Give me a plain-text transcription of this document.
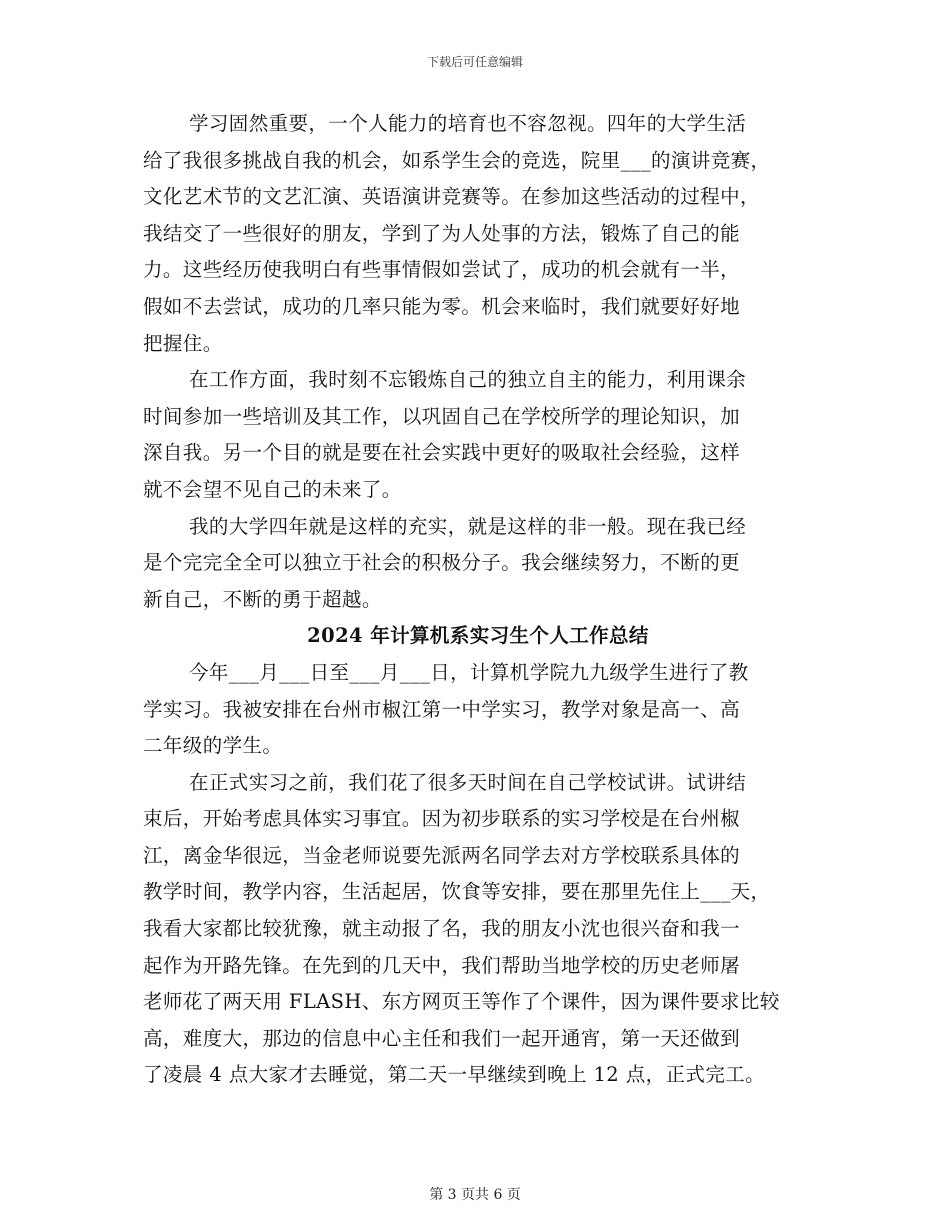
下载后可任意编辑
学习固然重要，一个人能力的培育也不容忽视。四年的大学生活
给了我很多挑战自我的机会，如系学生会的竞选，院里___的演讲竞赛，
文化艺术节的文艺汇演、英语演讲竞赛等。在参加这些活动的过程中，
我结交了一些很好的朋友，学到了为人处事的方法，锻炼了自己的能
力。这些经历使我明白有些事情假如尝试了，成功的机会就有一半，
假如不去尝试，成功的几率只能为零。机会来临时，我们就要好好地
把握住。
在工作方面，我时刻不忘锻炼自己的独立自主的能力，利用课余
时间参加一些培训及其工作，以巩固自己在学校所学的理论知识，加
深自我。另一个目的就是要在社会实践中更好的吸取社会经验，这样
就不会望不见自己的未来了。
我的大学四年就是这样的充实，就是这样的非一般。现在我已经
是个完完全全可以独立于社会的积极分子。我会继续努力，不断的更
新自己，不断的勇于超越。
2024 年计算机系实习生个人工作总结
今年___月___日至___月___日，计算机学院九九级学生进行了教
学实习。我被安排在台州市椒江第一中学实习，教学对象是高一、高
二年级的学生。
在正式实习之前，我们花了很多天时间在自己学校试讲。试讲结
束后，开始考虑具体实习事宜。因为初步联系的实习学校是在台州椒
江，离金华很远，当金老师说要先派两名同学去对方学校联系具体的
教学时间，教学内容，生活起居，饮食等安排，要在那里先住上___天，
我看大家都比较犹豫，就主动报了名，我的朋友小沈也很兴奋和我一
起作为开路先锋。在先到的几天中，我们帮助当地学校的历史老师屠
老师花了两天用 FLASH、东方网页王等作了个课件，因为课件要求比较
高，难度大，那边的信息中心主任和我们一起开通宵，第一天还做到
了凌晨 4 点大家才去睡觉，第二天一早继续到晚上 12 点，正式完工。
第 3 页共 6 页
